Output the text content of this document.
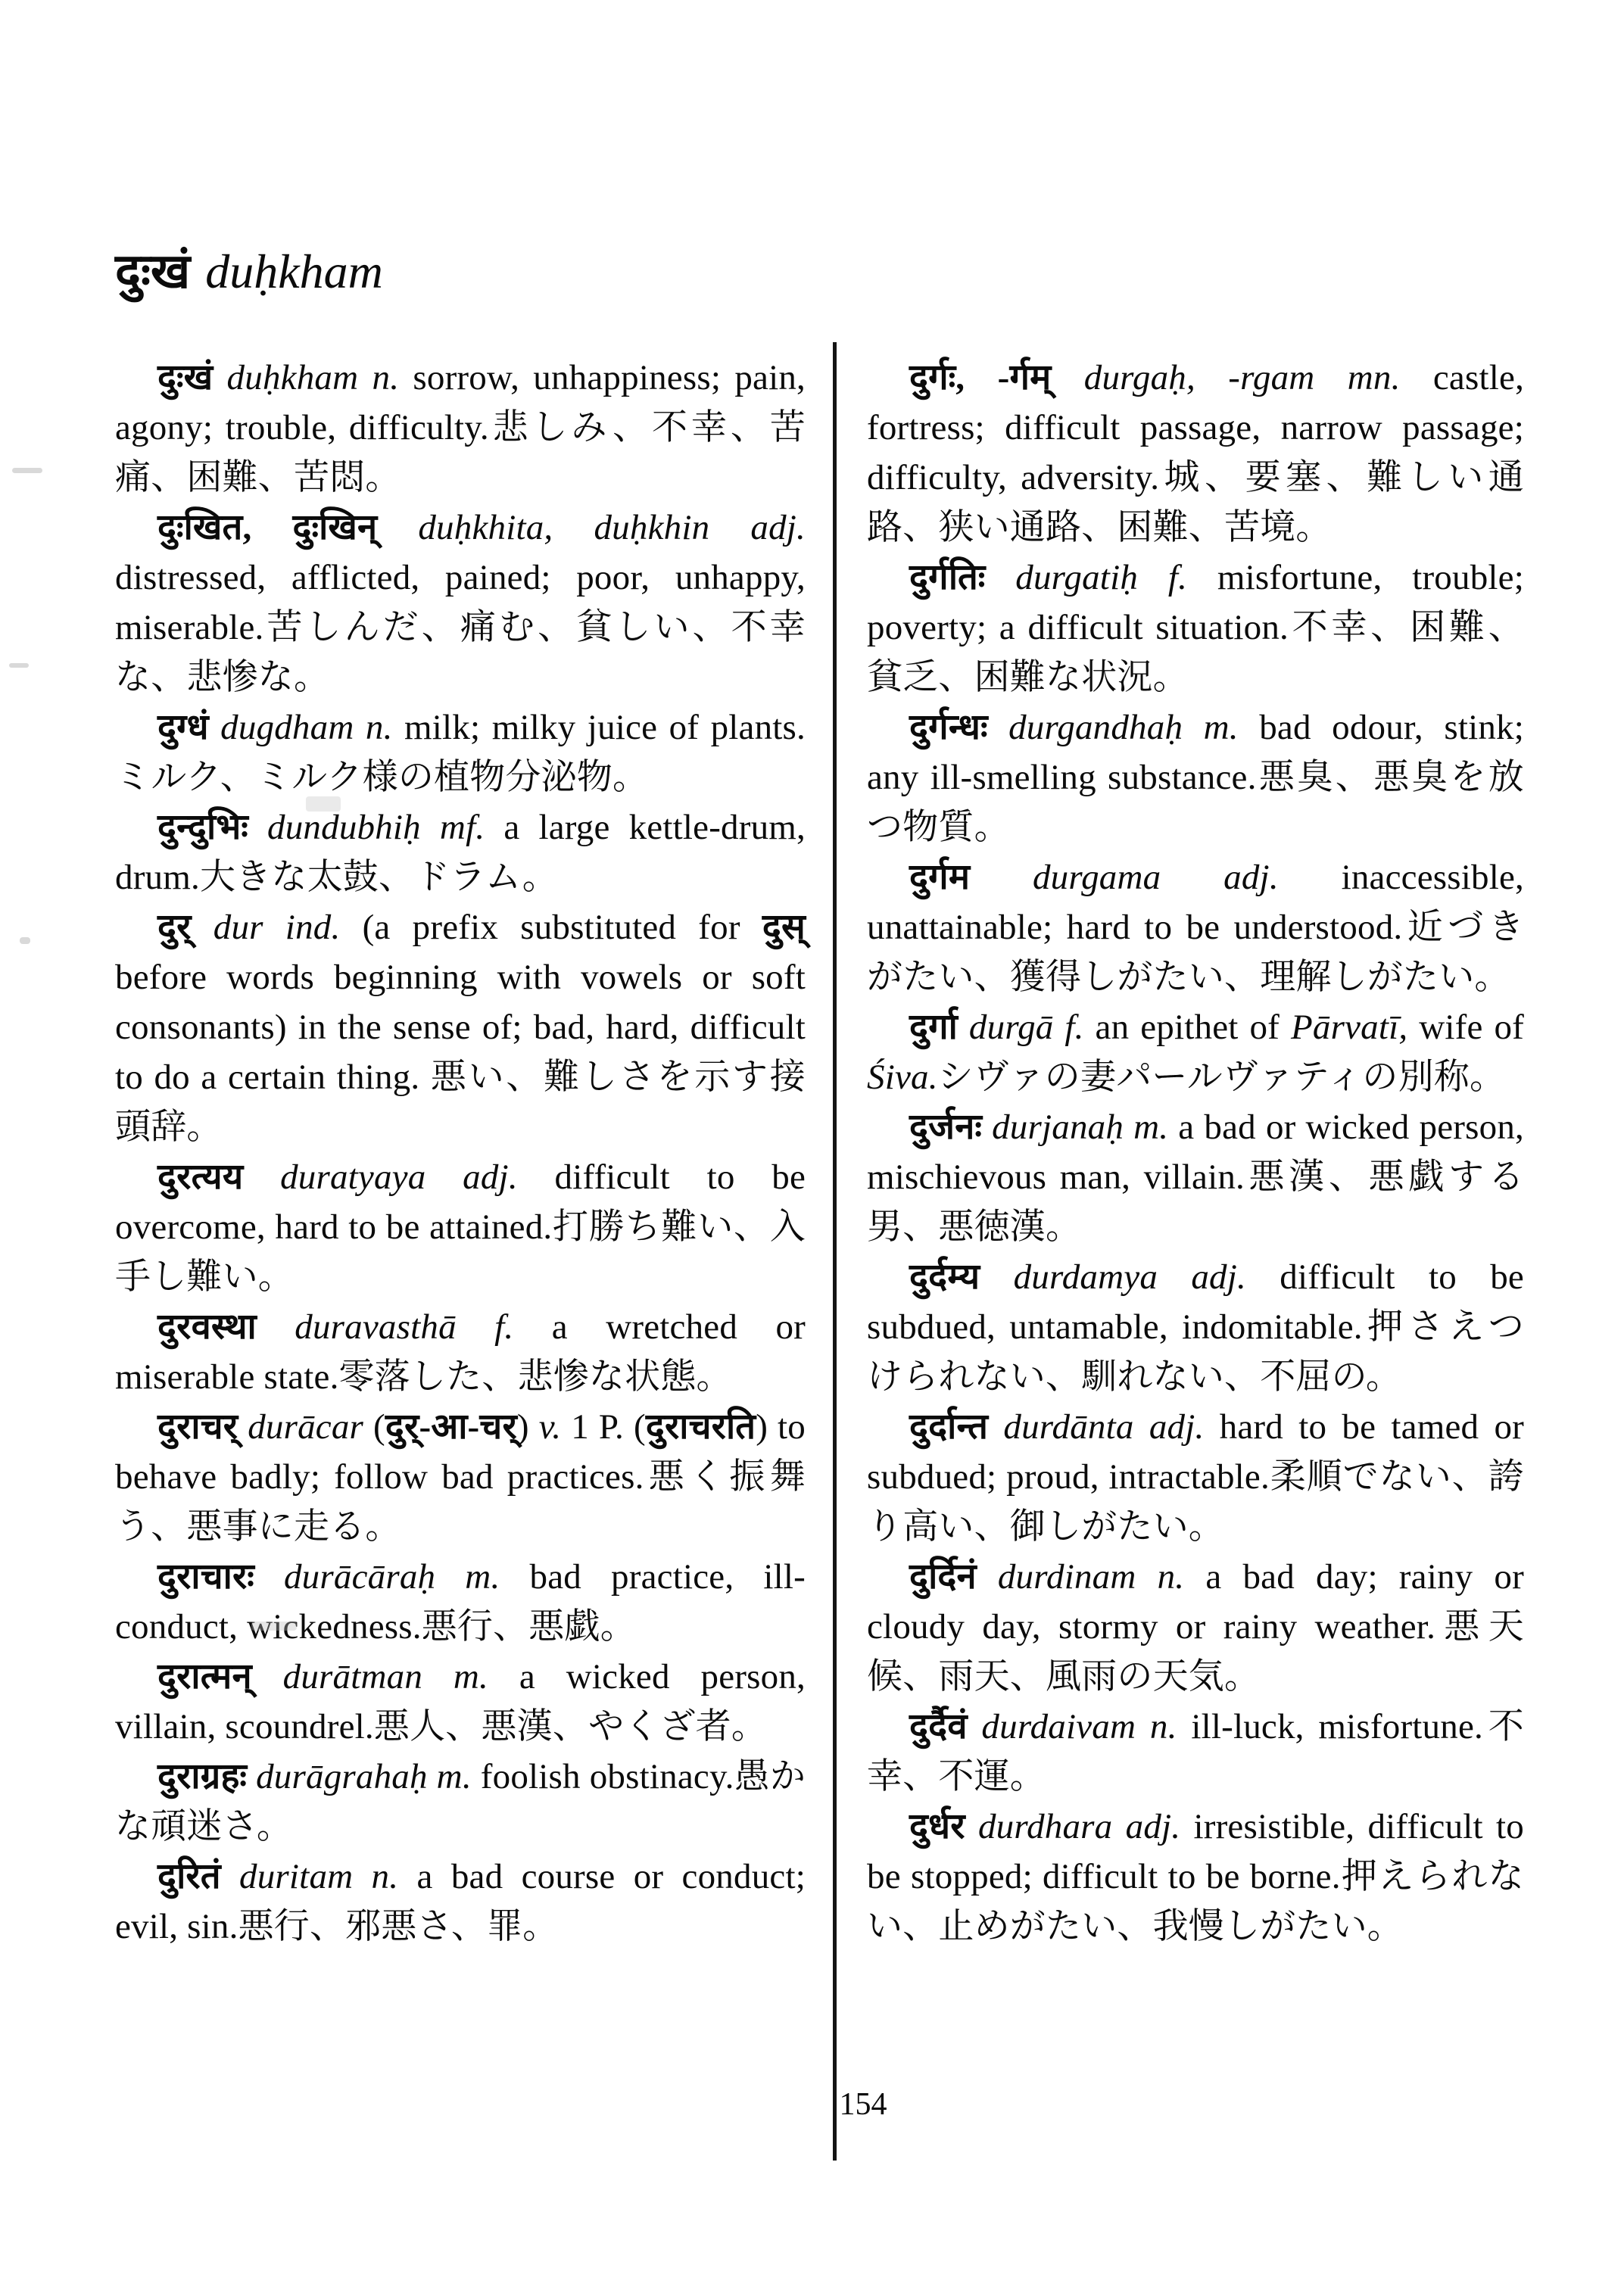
दुःखं duḥkham

दुःखं duḥkham n. sorrow, unhappiness; pain, agony; trouble, difficulty.悲しみ、不幸、苦痛、困難、苦悶。

दुःखित, दुःखिन् duḥkhita, duḥkhin adj. distressed, afflicted, pained; poor, unhappy, miserable.苦しんだ、痛む、貧しい、不幸な、悲惨な。

दुग्धं dugdham n. milk; milky juice of plants.ミルク、ミルク様の植物分泌物。

दुन्दुभिः dundubhiḥ mf. a large kettle-drum, drum.大きな太鼓、ドラム。

दुर् dur ind. (a prefix substituted for दुस् before words beginning with vowels or soft consonants) in the sense of; bad, hard, difficult to do a certain thing. 悪い、難しさを示す接頭辞。

दुरत्यय duratyaya adj. difficult to be overcome, hard to be attained.打勝ち難い、入手し難い。

दुरवस्था duravasthā f. a wretched or miserable state.零落した、悲惨な状態。

दुराचर् durācar (दुर्-आ-चर्) v. 1 P. (दुराचरति) to behave badly; follow bad practices.悪く振舞う、悪事に走る。

दुराचारः durācāraḥ m. bad practice, ill-conduct, wickedness.悪行、悪戯。

दुरात्मन् durātman m. a wicked person, villain, scoundrel.悪人、悪漢、やくざ者。

दुराग्रहः durāgrahaḥ m. foolish obstinacy.愚かな頑迷さ。

दुरितं duritam n. a bad course or conduct; evil, sin.悪行、邪悪さ、罪。

दुर्गः, -र्गम् durgaḥ, -rgam mn. castle, fortress; difficult passage, narrow passage; difficulty, adversity.城、要塞、難しい通路、狭い通路、困難、苦境。

दुर्गतिः durgatiḥ f. misfortune, trouble; poverty; a difficult situation.不幸、困難、貧乏、困難な状況。

दुर्गन्धः durgandhaḥ m. bad odour, stink; any ill-smelling substance.悪臭、悪臭を放つ物質。

दुर्गम durgama adj. inaccessible, unattainable; hard to be understood.近づきがたい、獲得しがたい、理解しがたい。

दुर्गा durgā f. an epithet of Pārvatī, wife of Śiva.シヴァの妻パールヴァティの別称。

दुर्जनः durjanaḥ m. a bad or wicked person, mischievous man, villain.悪漢、悪戯する男、悪徳漢。

दुर्दम्य durdamya adj. difficult to be subdued, untamable, indomitable.押さえつけられない、馴れない、不屈の。

दुर्दान्त durdānta adj. hard to be tamed or subdued; proud, intractable.柔順でない、誇り高い、御しがたい。

दुर्दिनं durdinam n. a bad day; rainy or cloudy day, stormy or rainy weather.悪天候、雨天、風雨の天気。

दुर्दैवं durdaivam n. ill-luck, misfortune.不幸、不運。

दुर्धर durdhara adj. irresistible, difficult to be stopped; difficult to be borne.押えられない、止めがたい、我慢しがたい。

154
